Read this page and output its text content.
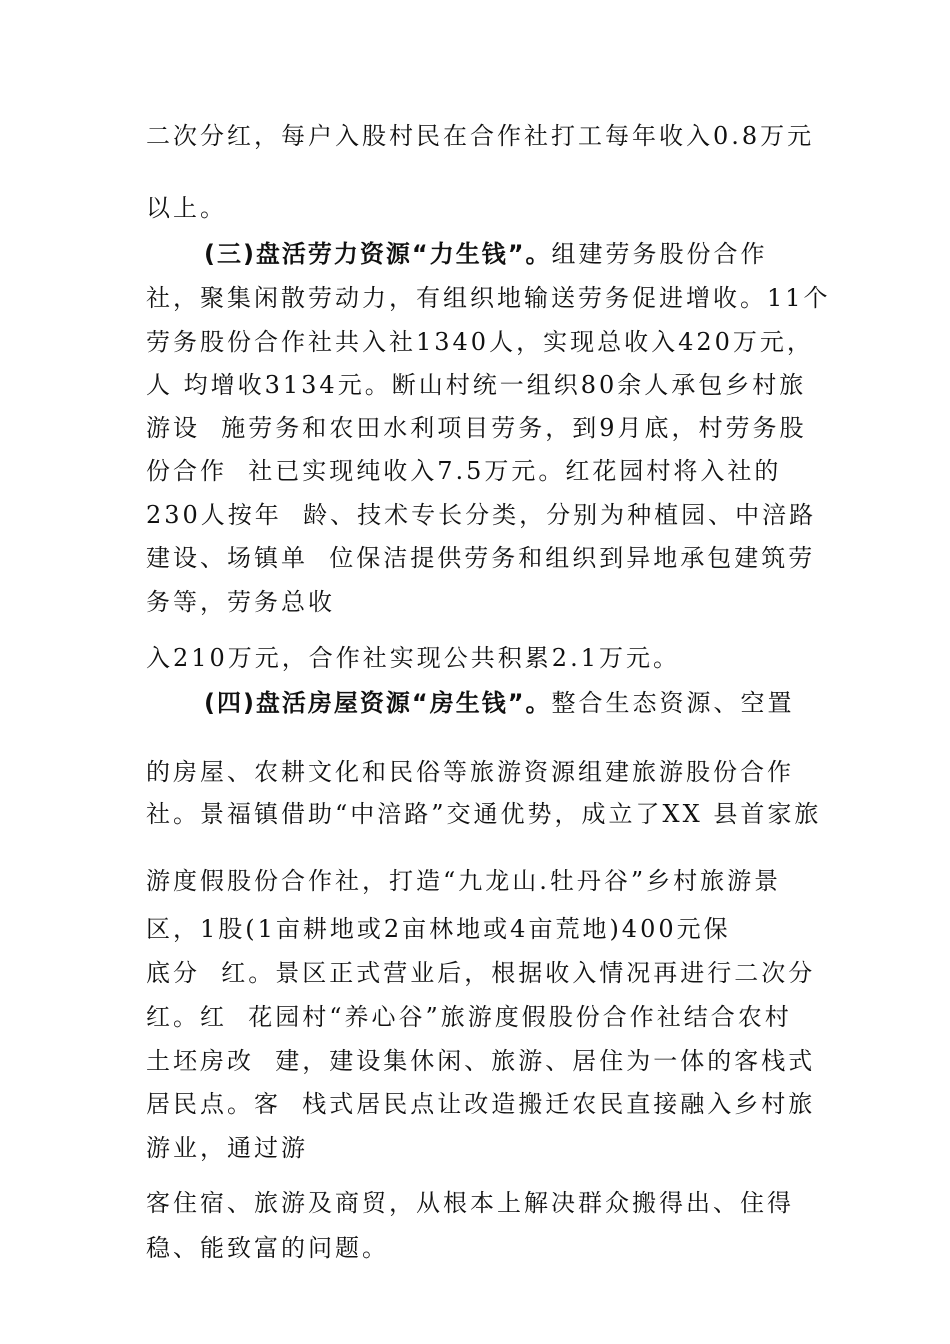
二次分红，每户入股村民在合作社打工每年收入0.8万元
以上。
(三)盘活劳力资源“力生钱”。组建劳务股份合作
社，聚集闲散劳动力，有组织地输送劳务促进增收。11个
劳务股份合作社共入社1340人，实现总收入420万元，
人 均增收3134元。断山村统一组织80余人承包乡村旅
游设  施劳务和农田水利项目劳务，到9月底，村劳务股
份合作  社已实现纯收入7.5万元。红花园村将入社的
230人按年  龄、技术专长分类，分别为种植园、中涪路
建设、场镇单  位保洁提供劳务和组织到异地承包建筑劳
务等，劳务总收
入210万元，合作社实现公共积累2.1万元。
(四)盘活房屋资源“房生钱”。整合生态资源、空置
的房屋、农耕文化和民俗等旅游资源组建旅游股份合作
社。景福镇借助“中涪路”交通优势，成立了XX 县首家旅
游度假股份合作社，打造“九龙山.牡丹谷”乡村旅游景
区，1股(1亩耕地或2亩林地或4亩荒地)400元保
底分  红。景区正式营业后，根据收入情况再进行二次分
红。红  花园村“养心谷”旅游度假股份合作社结合农村
土坯房改  建，建设集休闲、旅游、居住为一体的客栈式
居民点。客  栈式居民点让改造搬迁农民直接融入乡村旅
游业，通过游
客住宿、旅游及商贸，从根本上解决群众搬得出、住得
稳、能致富的问题。
